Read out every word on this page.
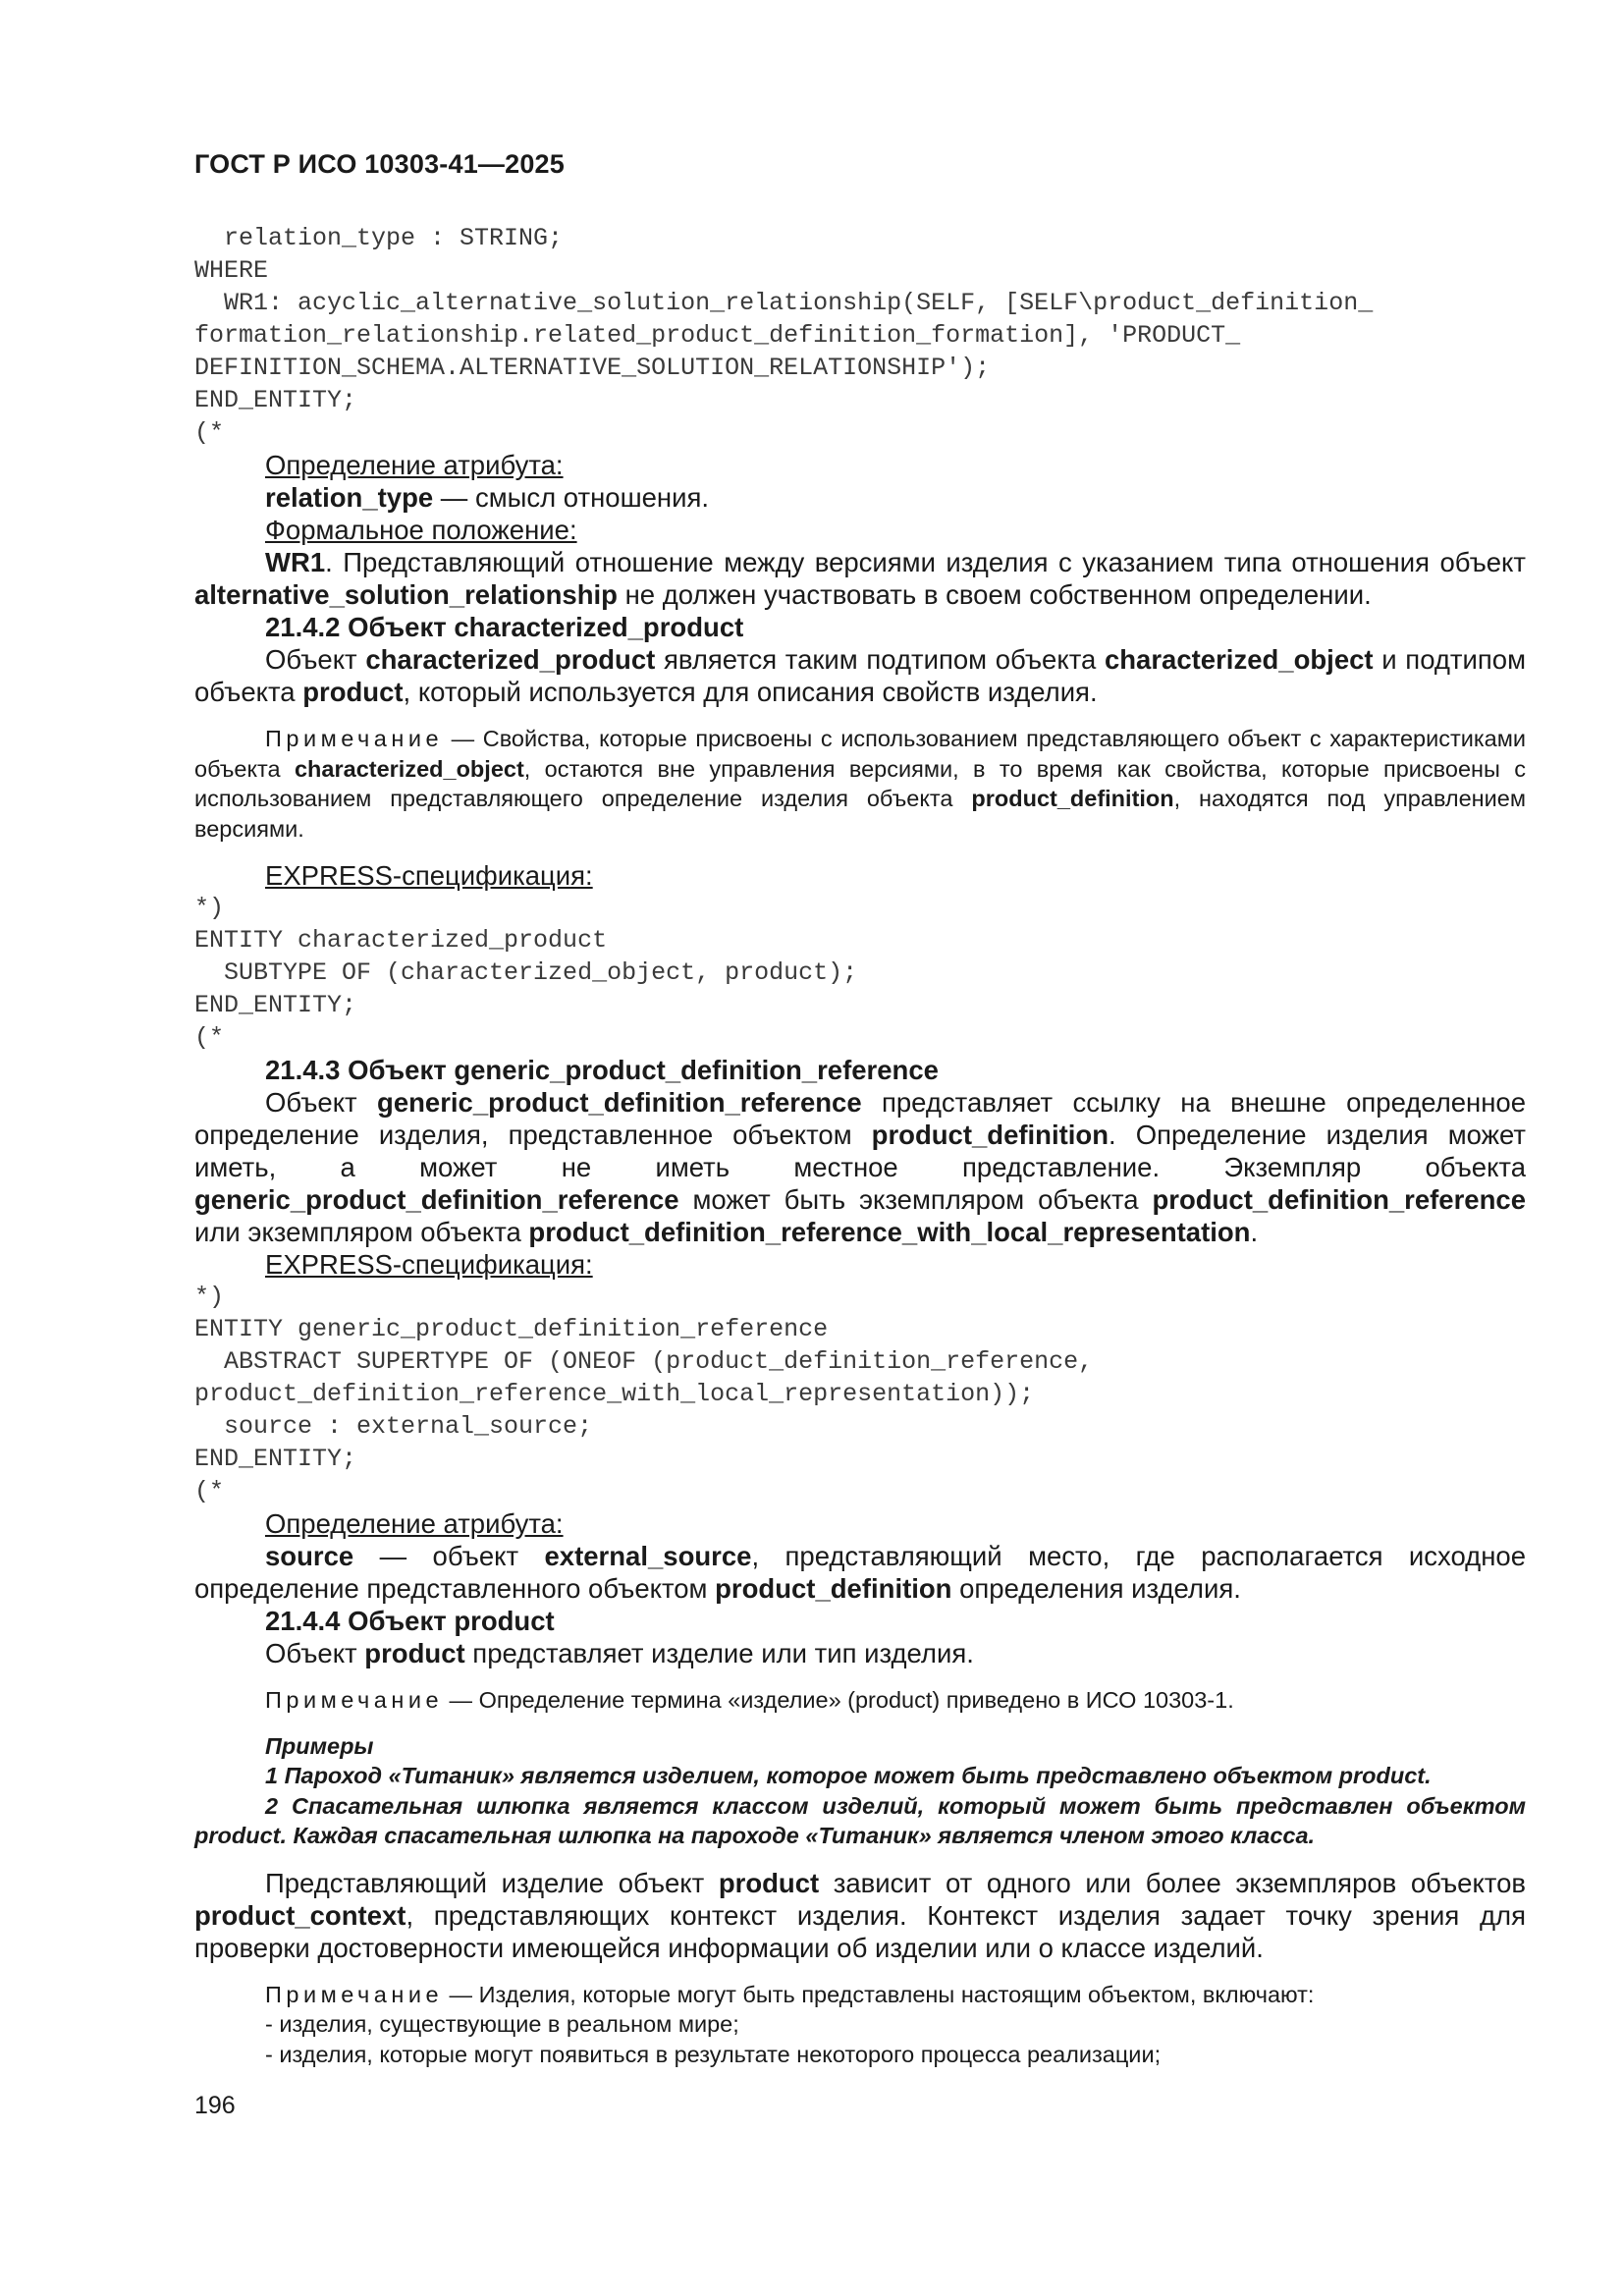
ГОСТ Р ИСО 10303-41—2025
relation_type : STRING;
WHERE
WR1: acyclic_alternative_solution_relationship(SELF, [SELF\product_definition_
formation_relationship.related_product_definition_formation], 'PRODUCT_
DEFINITION_SCHEMA.ALTERNATIVE_SOLUTION_RELATIONSHIP');
END_ENTITY;
(*

Определение атрибута:

relation_type — смысл отношения.

Формальное положение:

WR1. Представляющий отношение между версиями изделия с указанием типа отношения объект alternative_solution_relationship не должен участвовать в своем собственном определении.

21.4.2 Объект characterized_product

Объект characterized_product является таким подтипом объекта characterized_object и подтипом объекта product, который используется для описания свойств изделия.

Примечание — Свойства, которые присвоены с использованием представляющего объект с характеристиками объекта characterized_object, остаются вне управления версиями, в то время как свойства, которые присвоены с использованием представляющего определение изделия объекта product_definition, находятся под управлением версиями.

EXPRESS-спецификация:

*)
ENTITY characterized_product
SUBTYPE OF (characterized_object, product);
END_ENTITY;
(*

21.4.3 Объект generic_product_definition_reference

Объект generic_product_definition_reference представляет ссылку на внешне определенное определение изделия, представленное объектом product_definition. Определение изделия может иметь, а может не иметь местное представление. Экземпляр объекта generic_product_definition_reference может быть экземпляром объекта product_definition_reference или экземпляром объекта product_definition_reference_with_local_representation.

EXPRESS-спецификация:

*)
ENTITY generic_product_definition_reference
ABSTRACT SUPERTYPE OF (ONEOF (product_definition_reference,
product_definition_reference_with_local_representation));
source : external_source;
END_ENTITY;
(*

Определение атрибута:

source — объект external_source, представляющий место, где располагается исходное определение представленного объектом product_definition определения изделия.

21.4.4 Объект product

Объект product представляет изделие или тип изделия.

Примечание — Определение термина «изделие» (product) приведено в ИСО 10303-1.

Примеры

1 Пароход «Титаник» является изделием, которое может быть представлено объектом product.

2 Спасательная шлюпка является классом изделий, который может быть представлен объектом product. Каждая спасательная шлюпка на пароходе «Титаник» является членом этого класса.

Представляющий изделие объект product зависит от одного или более экземпляров объектов product_context, представляющих контекст изделия. Контекст изделия задает точку зрения для проверки достоверности имеющейся информации об изделии или о классе изделий.

Примечание — Изделия, которые могут быть представлены настоящим объектом, включают:

- изделия, существующие в реальном мире;

- изделия, которые могут появиться в результате некоторого процесса реализации;

196
